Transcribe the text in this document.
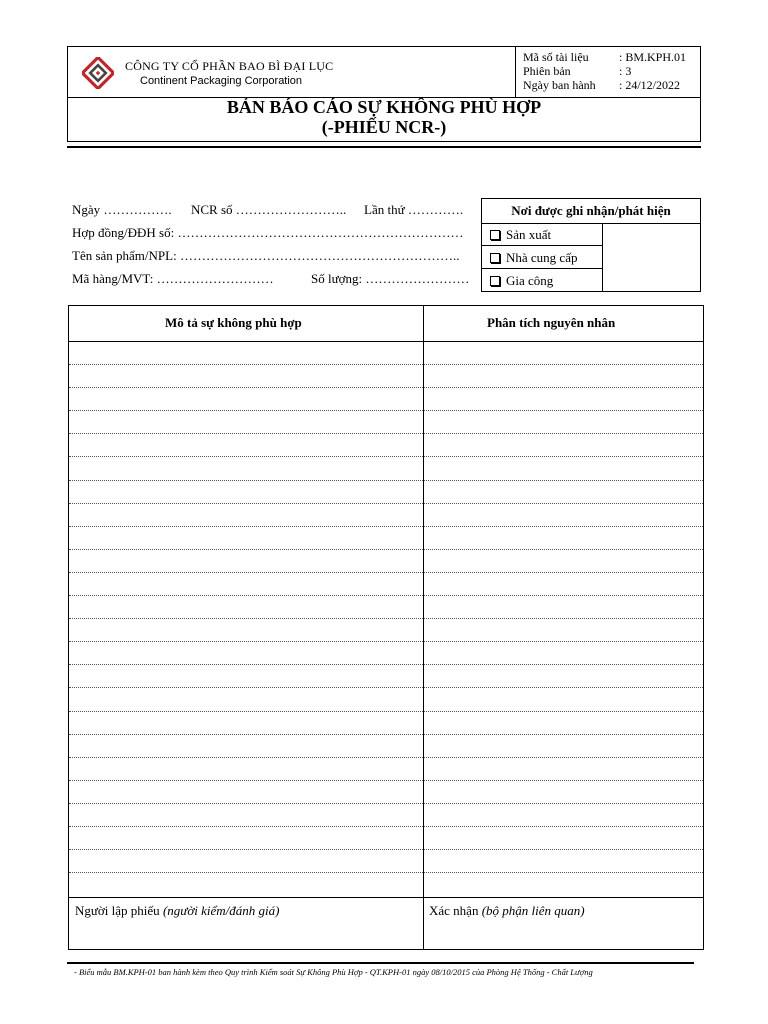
CÔNG TY CỔ PHẦN BAO BÌ ĐẠI LỤC
Continent Packaging Corporation
Mã số tài liệu	: BM.KPH.01
Phiên bản	: 3
Ngày ban hành	: 24/12/2022
BẢN BÁO CÁO SỰ KHÔNG PHÙ HỢP
(-PHIẾU NCR-)
Ngày ……………. NCR số …………………….. Lần thứ ………….
Hợp đồng/ĐĐH số: …………………………………………………………
Tên sản phẩm/NPL: ………………………………………………………..
Mã hàng/MVT: ………………………	Số lượng: ……………………
Nơi được ghi nhận/phát hiện
Sản xuất
Nhà cung cấp
Gia công
Mô tả sự không phù hợp	Phân tích nguyên nhân
Người lập phiếu (người kiểm/đánh giá)	Xác nhận (bộ phận liên quan)
- Biểu mẫu BM.KPH-01 ban hành kèm theo Quy trình Kiểm soát Sự Không Phù Hợp - QT.KPH-01 ngày 08/10/2015 của Phòng Hệ Thống - Chất Lượng
